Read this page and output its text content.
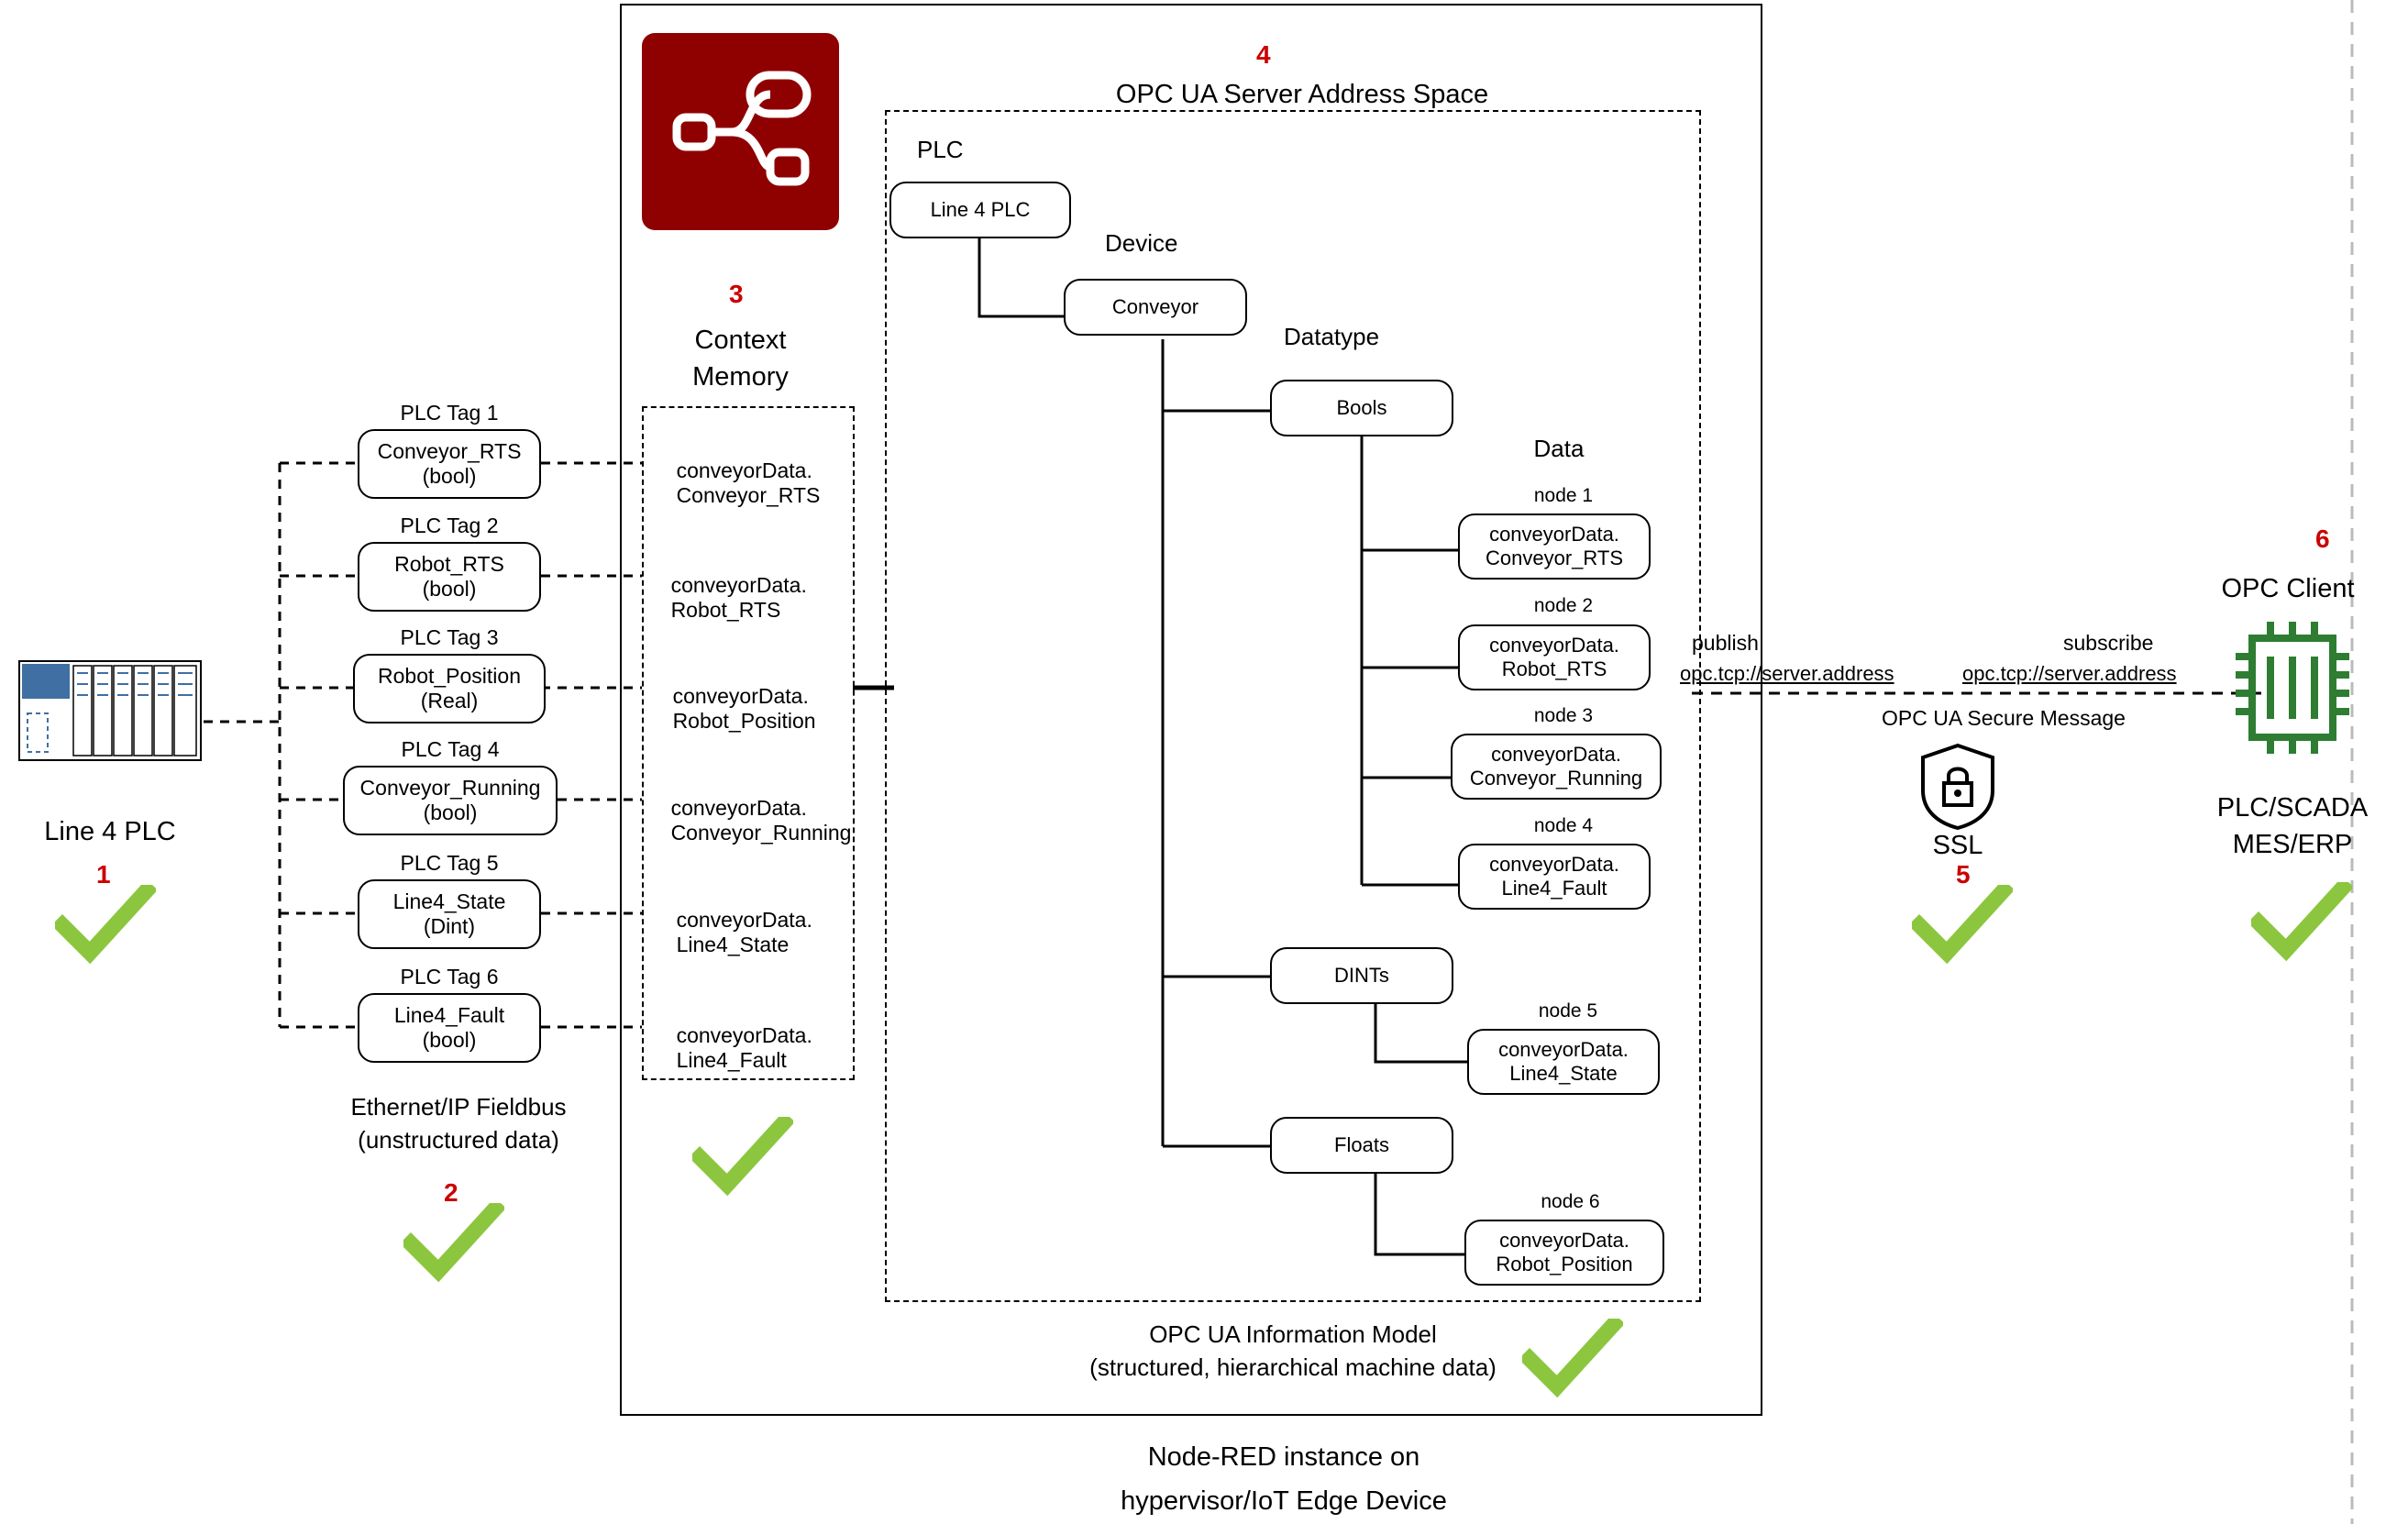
Line 4 PLC
1
PLC Tag 1
Conveyor_RTS
(bool)
PLC Tag 2
Robot_RTS
(bool)
PLC Tag 3
Robot_Position
(Real)
PLC Tag 4
Conveyor_Running
(bool)
PLC Tag 5
Line4_State
(Dint)
PLC Tag 6
Line4_Fault
(bool)
Ethernet/IP Fieldbus
(unstructured data)
2
Context
Memory
3

conveyorData.
Conveyor_RTS

conveyorData.
Robot_RTS

conveyorData.
Robot_Position

conveyorData.
Conveyor_Running

conveyorData.
Line4_State

conveyorData.
Line4_Fault

4
OPC UA Server Address Space
PLC
Line 4 PLC
Device
Conveyor
Datatype
Bools
DINTs
Floats
Data
node 1
conveyorData.
Conveyor_RTS
node 2
conveyorData.
Robot_RTS
node 3
conveyorData.
Conveyor_Running
node 4
conveyorData.
Line4_Fault
node 5
conveyorData.
Line4_State
node 6
conveyorData.
Robot_Position
OPC UA Information Model
(structured, hierarchical machine data)
Node-RED instance on
hypervisor/IoT Edge Device
publish
opc.tcp://server.address
subscribe
opc.tcp://server.address
OPC UA Secure Message
SSL
5
6
OPC Client
PLC/SCADA
MES/ERP
